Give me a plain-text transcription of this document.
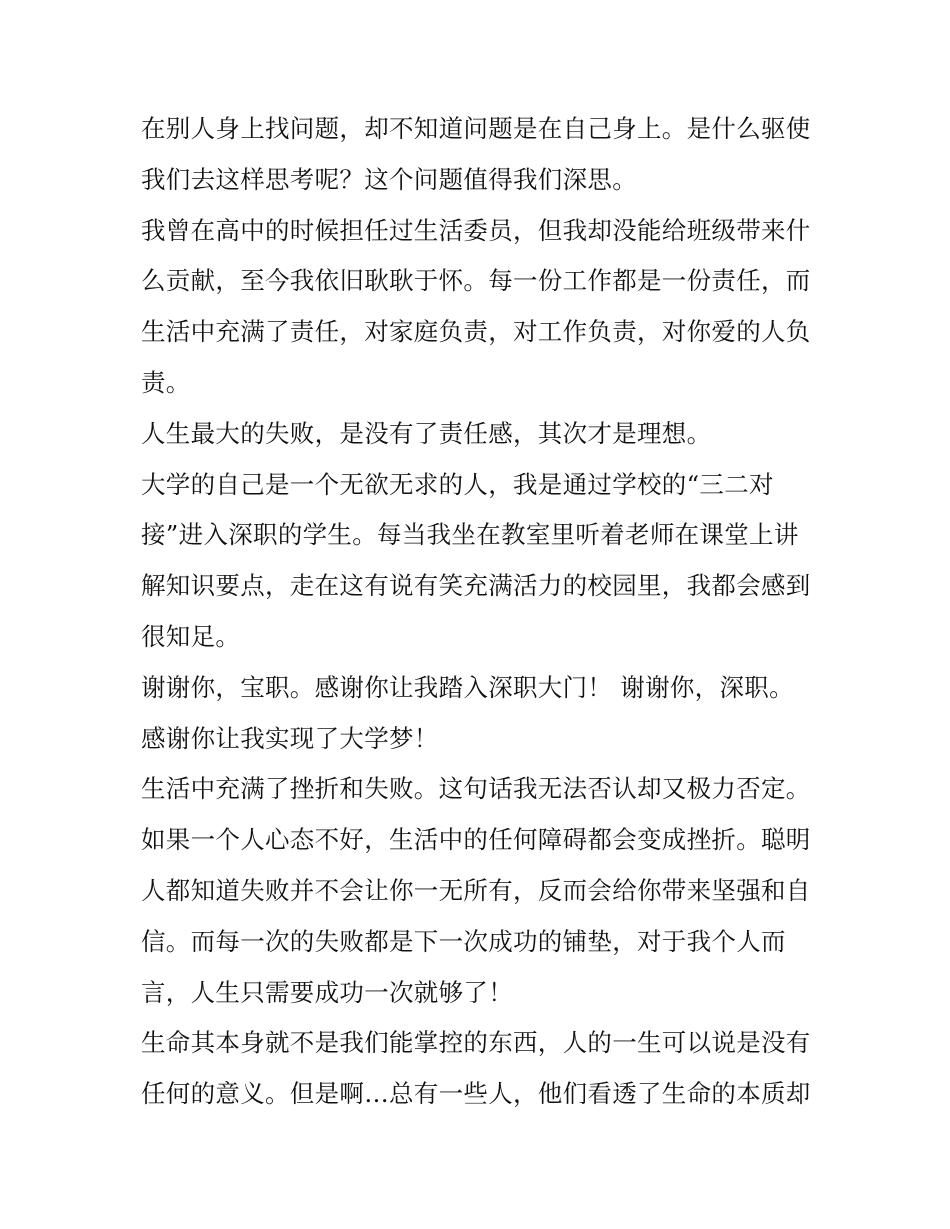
在别人身上找问题，却不知道问题是在自己身上。是什么驱使
我们去这样思考呢？这个问题值得我们深思。

我曾在高中的时候担任过生活委员，但我却没能给班级带来什
么贡献，至今我依旧耿耿于怀。每一份工作都是一份责任，而
生活中充满了责任，对家庭负责，对工作负责，对你爱的人负
责。

人生最大的失败，是没有了责任感，其次才是理想。

大学的自己是一个无欲无求的人，我是通过学校的“三二对
接”进入深职的学生。每当我坐在教室里听着老师在课堂上讲
解知识要点，走在这有说有笑充满活力的校园里，我都会感到
很知足。

谢谢你，宝职。感谢你让我踏入深职大门！ 谢谢你，深职。
感谢你让我实现了大学梦！

生活中充满了挫折和失败。这句话我无法否认却又极力否定。
如果一个人心态不好，生活中的任何障碍都会变成挫折。聪明
人都知道失败并不会让你一无所有，反而会给你带来坚强和自
信。而每一次的失败都是下一次成功的铺垫，对于我个人而
言，人生只需要成功一次就够了！

生命其本身就不是我们能掌控的东西，人的一生可以说是没有
任何的意义。但是啊…总有一些人，他们看透了生命的本质却
